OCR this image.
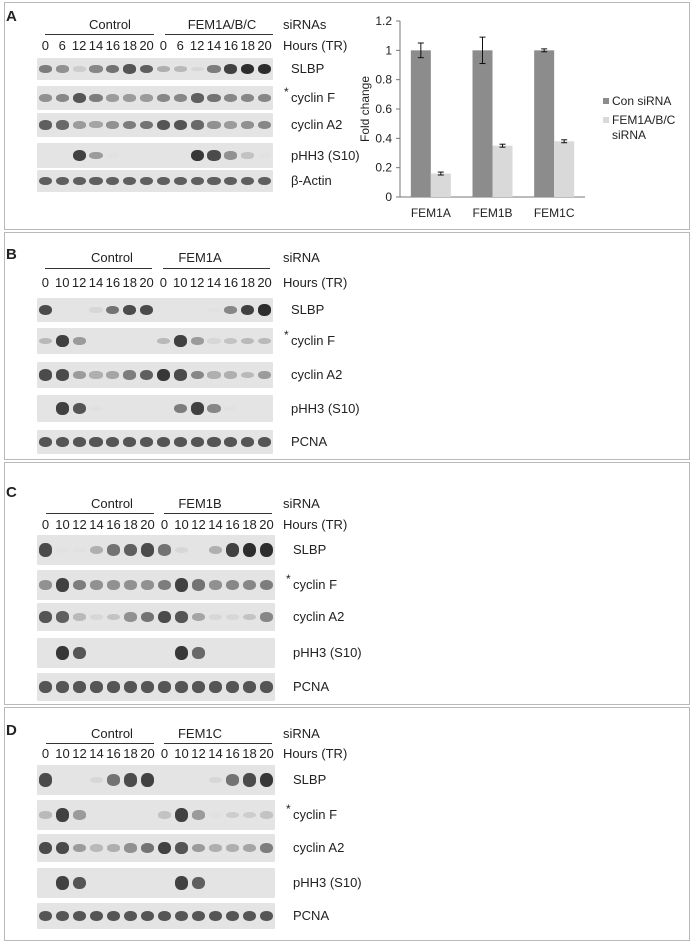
A	Control	FEM1A/B/C	siRNAs
Hours (TR)
0 6 12 14 16 18 20 0 6 12 14 16 18 20
SLBP
cyclin F
*
cyclin A2
pHH3 (S10)
β-Actin
B	Control	FEM1A	siRNA
Hours (TR)
0 10 12 14 16 18 20 0 10 12 14 16 18 20
SLBP
cyclin F
*
cyclin A2
pHH3 (S10)
PCNA
C
Control	FEM1B	siRNA
Hours (TR)
0 10 12 14 16 18 20 0 10 12 14 16 18 20
SLBP
cyclin F
*
cyclin A2
pHH3 (S10)
PCNA
D	Control	FEM1C	siRNA
Hours (TR)
0 10 12 14 16 18 20 0 10 12 14 16 18 20
SLBP
cyclin F
*
cyclin A2
pHH3 (S10)
PCNA
0
0.2
0.4
0.6
0.8
1
1.2
Fold change
FEM1A FEM1B FEM1C
Con siRNA
FEM1A/B/C siRNA
